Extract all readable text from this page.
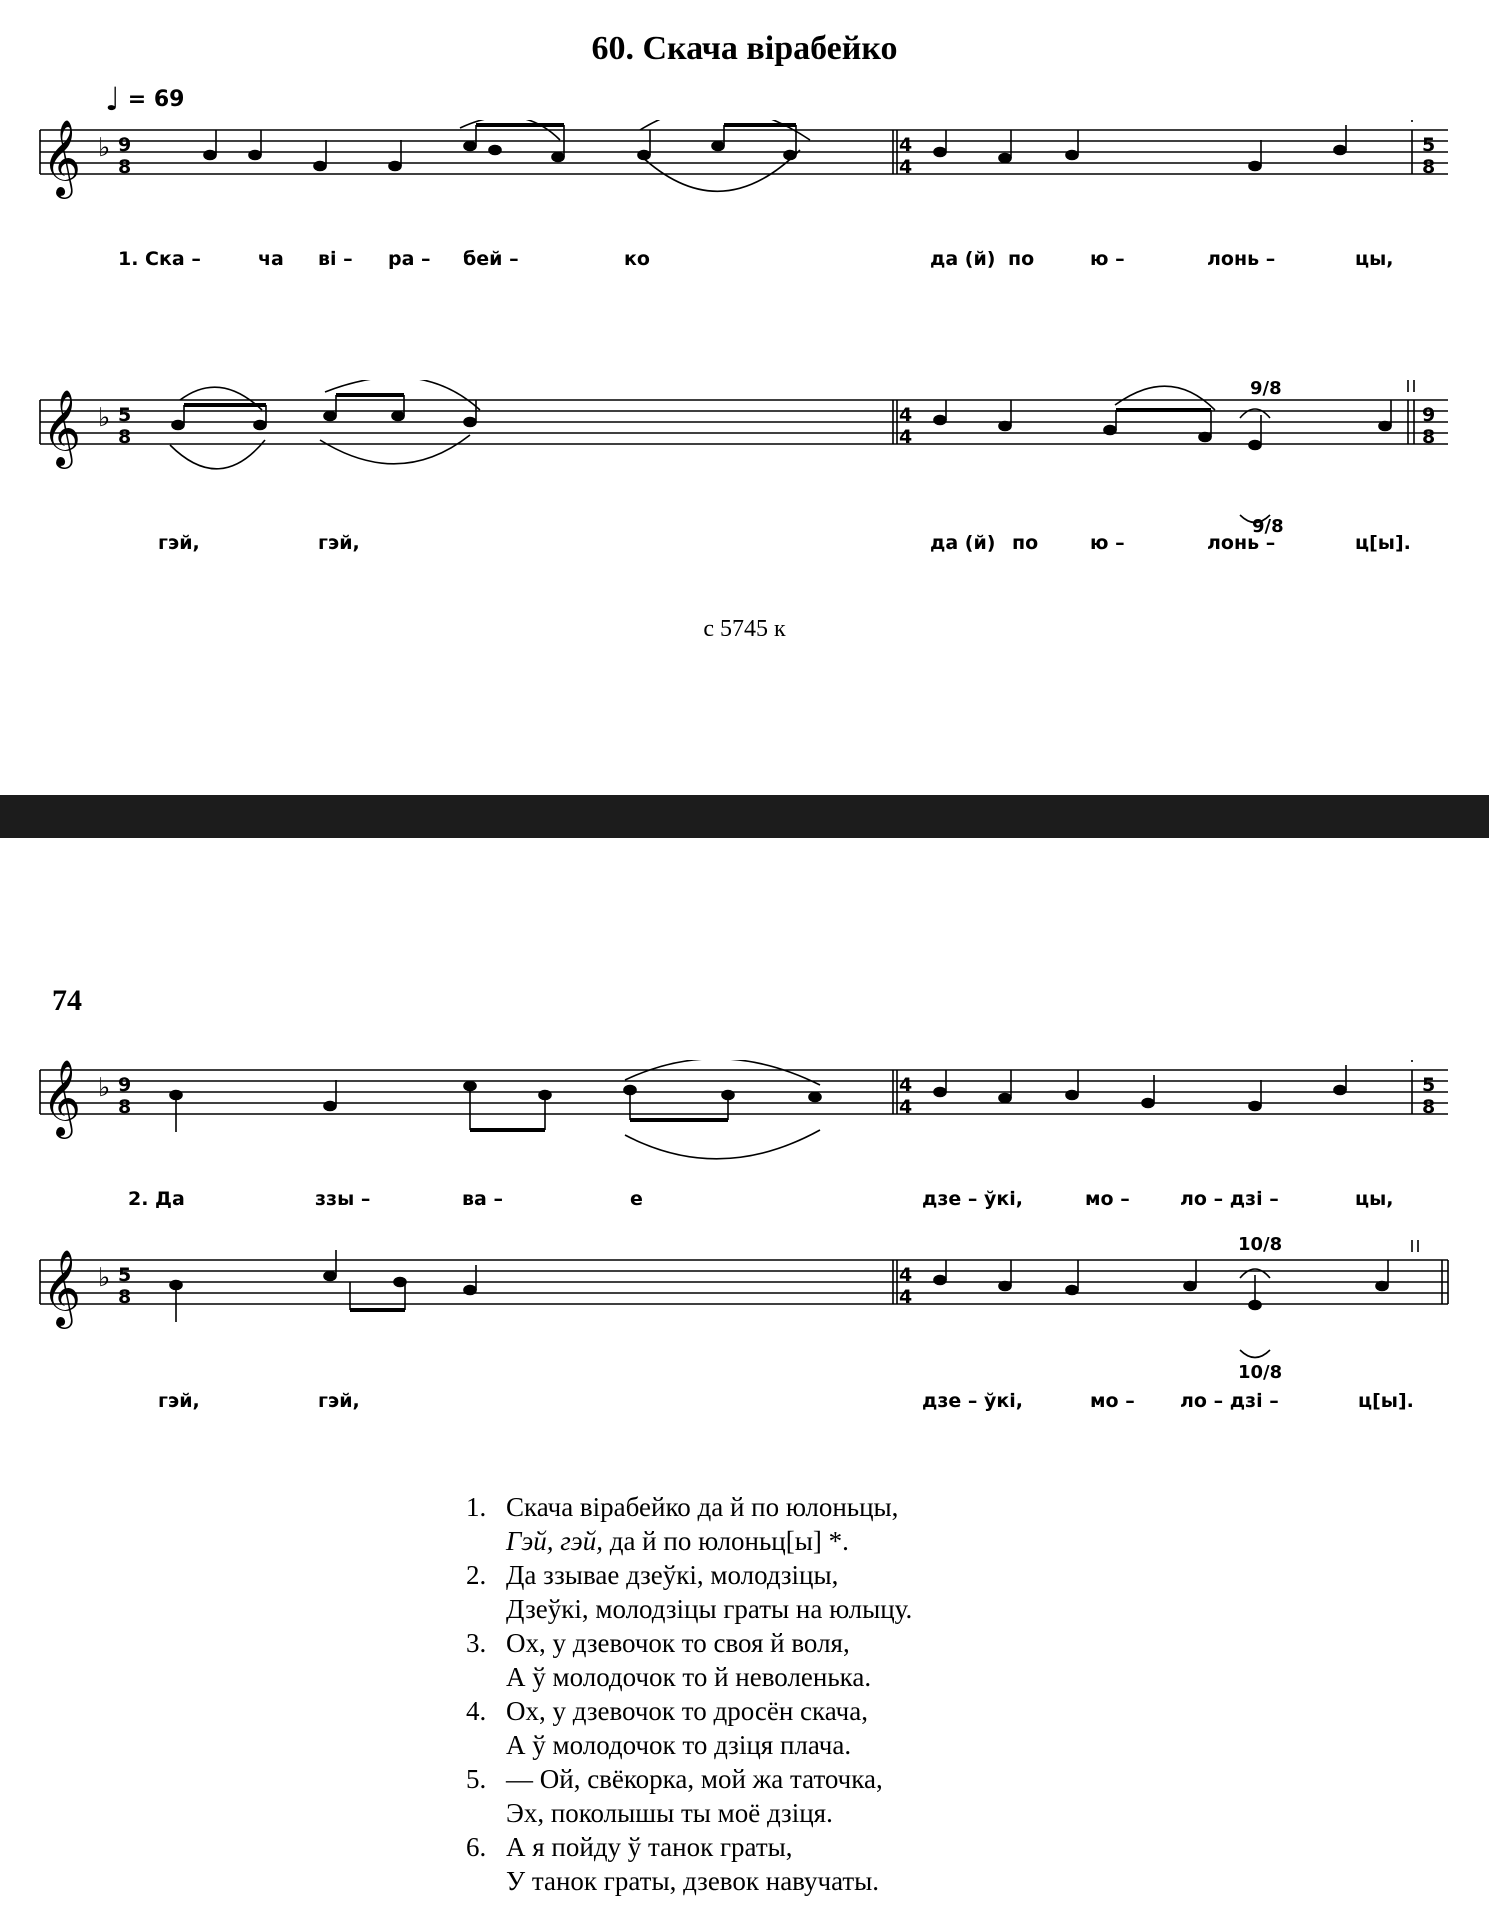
60. Скача вірабейко
♩ = 69
𝄞 ♭ 9
8
4
4
5
8
1. Ска –	ча ві – ра – бей –	ко	да (й) по	ю –	лонь –	цы,
𝄞 ♭ 5
8
4
4
9
8
9/8
9/8
гэй,	гэй,	да (й) по	ю –	лонь –	ц[ы].
с 5745 к
74
𝄞 ♭ 9
8
4
4
5
8
2. Да	ззы –	ва –	е	дзе – ўкі,	мо –	ло – дзі –	цы,
𝄞 ♭ 5
8
4
4
10/8
10/8
гэй,	гэй,	дзе – ўкі,	мо – ло – дзі –	ц[ы].
1. Скача вірабейко да й по юлоньцы,
Гэй, гэй, да й по юлоньц[ы] *.
2. Да ззывае дзеўкі, молодзіцы,
Дзеўкі, молодзіцы граты на юлыцу.
3. Ох, у дзевочок то своя й воля,
А ў молодочок то й неволенька.
4. Ох, у дзевочок то дросён скача,
А ў молодочок то дзіця плача.
5. — Ой, свёкорка, мой жа таточка,
Эх, поколышы ты моё дзіця.
6. А я пойду ў танок граты,
У танок граты, дзевок навучаты.
